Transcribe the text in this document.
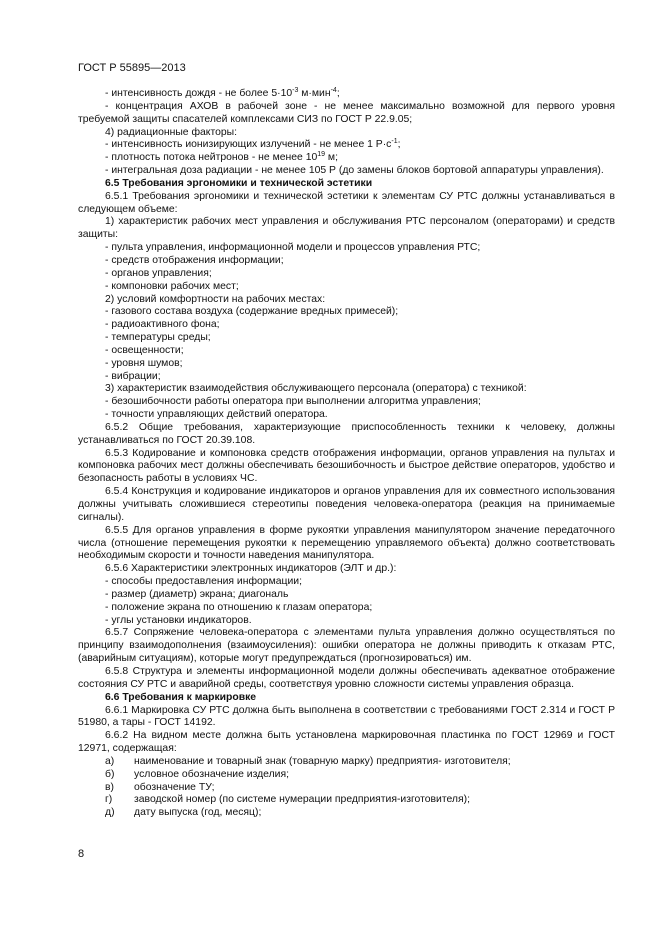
ГОСТ Р 55895—2013

- интенсивность дождя - не более $5\cdot 10^{-3}$ м·мин$^{-4}$;

- концентрация АХОВ в рабочей зоне - не менее максимально возможной для первого уровня требуемой защиты спасателей комплексами СИЗ по ГОСТ Р 22.9.05;

4) радиационные факторы:

- интенсивность ионизирующих излучений - не менее 1 $Р\cdot с^{-1}$;

- плотность потока нейтронов - не менее $10^{19}$ м;

- интегральная доза радиации - не менее 105 Р (до замены блоков бортовой аппаратуры управления).

6.5 Требования эргономики и технической эстетики

6.5.1 Требования эргономики и технической эстетики к элементам СУ РТС должны устанавливаться в следующем объеме:

1) характеристик рабочих мест управления и обслуживания РТС персоналом (операторами) и средств защиты:

- пульта управления, информационной модели и процессов управления РТС;

- средств отображения информации;

- органов управления;

- компоновки рабочих мест;

2) условий комфортности на рабочих местах:

- газового состава воздуха (содержание вредных примесей);

- радиоактивного фона;

- температуры среды;

- освещенности;

- уровня шумов;

- вибрации;

3) характеристик взаимодействия обслуживающего персонала (оператора) с техникой:

- безошибочности работы оператора при выполнении алгоритма управления;

- точности управляющих действий оператора.

6.5.2 Общие требования, характеризующие приспособленность техники к человеку, должны устанавливаться по ГОСТ 20.39.108.

6.5.3 Кодирование и компоновка средств отображения информации, органов управления на пультах и компоновка рабочих мест должны обеспечивать безошибочность и быстрое действие операторов, удобство и безопасность работы в условиях ЧС.

6.5.4 Конструкция и кодирование индикаторов и органов управления для их совместного использования должны учитывать сложившиеся стереотипы поведения человека-оператора (реакция на принимаемые сигналы).

6.5.5 Для органов управления в форме рукоятки управления манипулятором значение передаточного числа (отношение перемещения рукоятки к перемещению управляемого объекта) должно соответствовать необходимым скорости и точности наведения манипулятора.

6.5.6 Характеристики электронных индикаторов (ЭЛТ и др.):

- способы предоставления информации;

- размер (диаметр) экрана; диагональ

- положение экрана по отношению к глазам оператора;

- углы установки индикаторов.

6.5.7 Сопряжение человека-оператора с элементами пульта управления должно осуществляться по принципу взаимодополнения (взаимоусиления): ошибки оператора не должны приводить к отказам РТС, (аварийным ситуациям), которые могут предупреждаться (прогнозироваться) им.

6.5.8 Структура и элементы информационной модели должны обеспечивать адекватное отображение состояния СУ РТС и аварийной среды, соответствуя уровню сложности системы управления образца.

6.6 Требования к маркировке

6.6.1 Маркировка СУ РТС должна быть выполнена в соответствии с требованиями ГОСТ 2.314 и ГОСТ Р 51980, а тары - ГОСТ 14192.

6.6.2 На видном месте должна быть установлена маркировочная пластинка по ГОСТ 12969 и ГОСТ 12971, содержащая:

а)	наименование и товарный знак (товарную марку) предприятия- изготовителя;
б)	условное обозначение изделия;
в)	обозначение ТУ;
г)	заводской номер (по системе нумерации предприятия-изготовителя);
д)	дату выпуска (год, месяц);
8
